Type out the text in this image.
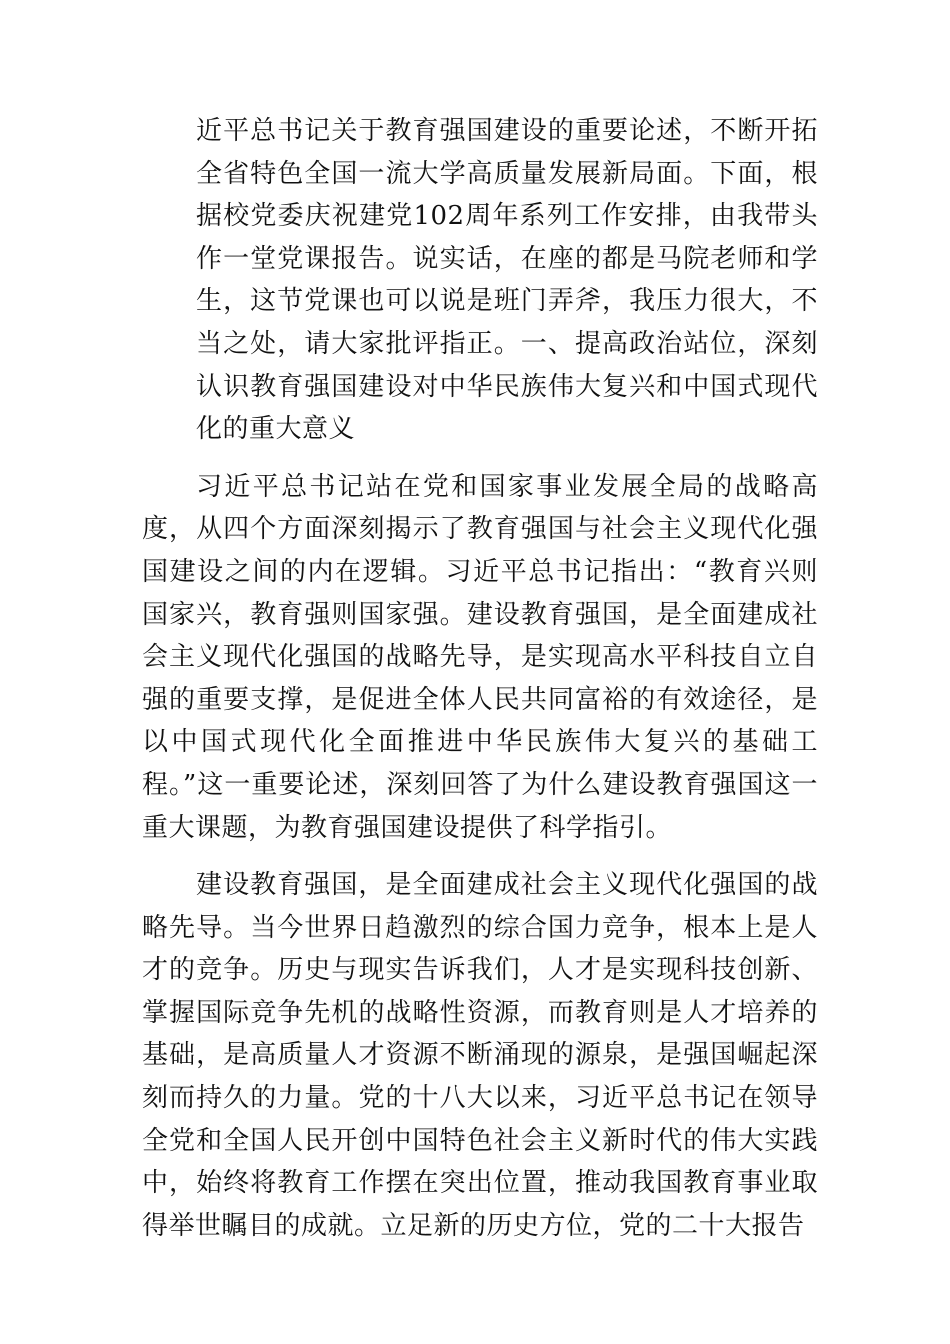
近平总书记关于教育强国建设的重要论述，不断开拓全省特色全国一流大学高质量发展新局面。下面，根据校党委庆祝建党102周年系列工作安排，由我带头作一堂党课报告。说实话，在座的都是马院老师和学生，这节党课也可以说是班门弄斧，我压力很大，不当之处，请大家批评指正。一、提高政治站位，深刻认识教育强国建设对中华民族伟大复兴和中国式现代化的重大意义

习近平总书记站在党和国家事业发展全局的战略高度，从四个方面深刻揭示了教育强国与社会主义现代化强国建设之间的内在逻辑。习近平总书记指出：“教育兴则国家兴，教育强则国家强。建设教育强国，是全面建成社会主义现代化强国的战略先导，是实现高水平科技自立自强的重要支撑，是促进全体人民共同富裕的有效途径，是以中国式现代化全面推进中华民族伟大复兴的基础工程。”这一重要论述，深刻回答了为什么建设教育强国这一重大课题，为教育强国建设提供了科学指引。

建设教育强国，是全面建成社会主义现代化强国的战略先导。当今世界日趋激烈的综合国力竞争，根本上是人才的竞争。历史与现实告诉我们，人才是实现科技创新、掌握国际竞争先机的战略性资源，而教育则是人才培养的基础，是高质量人才资源不断涌现的源泉，是强国崛起深刻而持久的力量。党的十八大以来，习近平总书记在领导全党和全国人民开创中国特色社会主义新时代的伟大实践中，始终将教育工作摆在突出位置，推动我国教育事业取得举世瞩目的成就。立足新的历史方位，党的二十大报告
